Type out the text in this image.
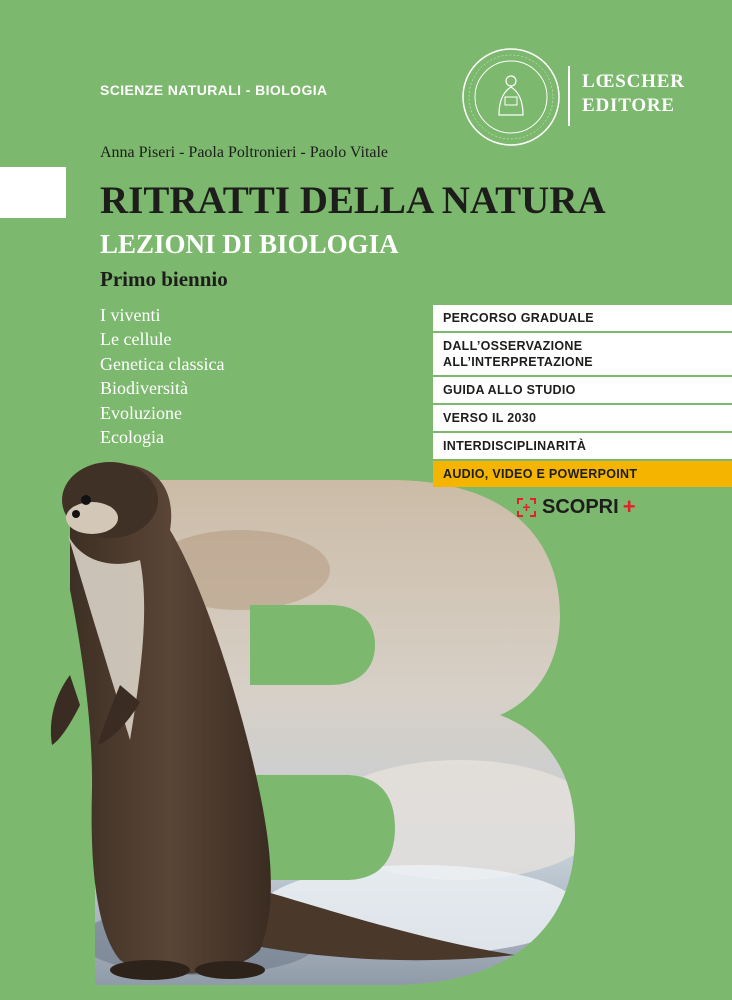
SCIENZE NATURALI - BIOLOGIA	LŒSCHER
EDITORE
Anna Piseri - Paola Poltronieri - Paolo Vitale
RITRATTI DELLA NATURA
LEZIONI DI BIOLOGIA
Primo biennio
I viventi
Le cellule
Genetica classica
Biodiversità
Evoluzione
Ecologia
PERCORSO GRADUALE
DALL’OSSERVAZIONE
ALL’INTERPRETAZIONE
GUIDA ALLO STUDIO
VERSO IL 2030
INTERDISCIPLINARITÀ
AUDIO, VIDEO E POWERPOINT
+ SCOPRI +
